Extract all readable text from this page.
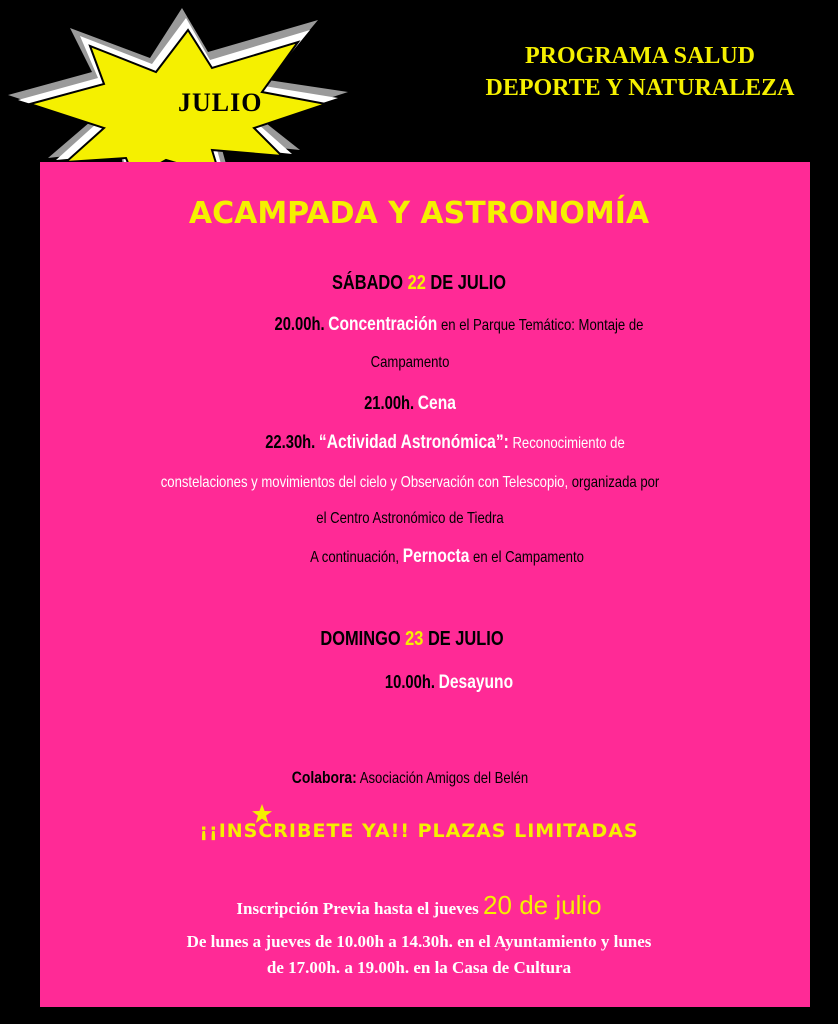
JULIO
PROGRAMA SALUD
DEPORTE Y NATURALEZA
ACAMPADA Y ASTRONOMÍA
SÁBADO 22 DE JULIO
20.00h. Concentración en el Parque Temático: Montaje de
Campamento
21.00h. Cena
22.30h. “Actividad Astronómica”: Reconocimiento de
constelaciones y movimientos del cielo y Observación con Telescopio, organizada por
el Centro Astronómico de Tiedra
A continuación, Pernocta en el Campamento
DOMINGO 23 DE JULIO
10.00h. Desayuno
Colabora: Asociación Amigos del Belén
¡¡INSCRIBETE YA!! PLAZAS LIMITADAS
Inscripción Previa hasta el jueves 20 de julio
De lunes a jueves de 10.00h a 14.30h. en el Ayuntamiento y lunes
de 17.00h. a 19.00h. en la Casa de Cultura
